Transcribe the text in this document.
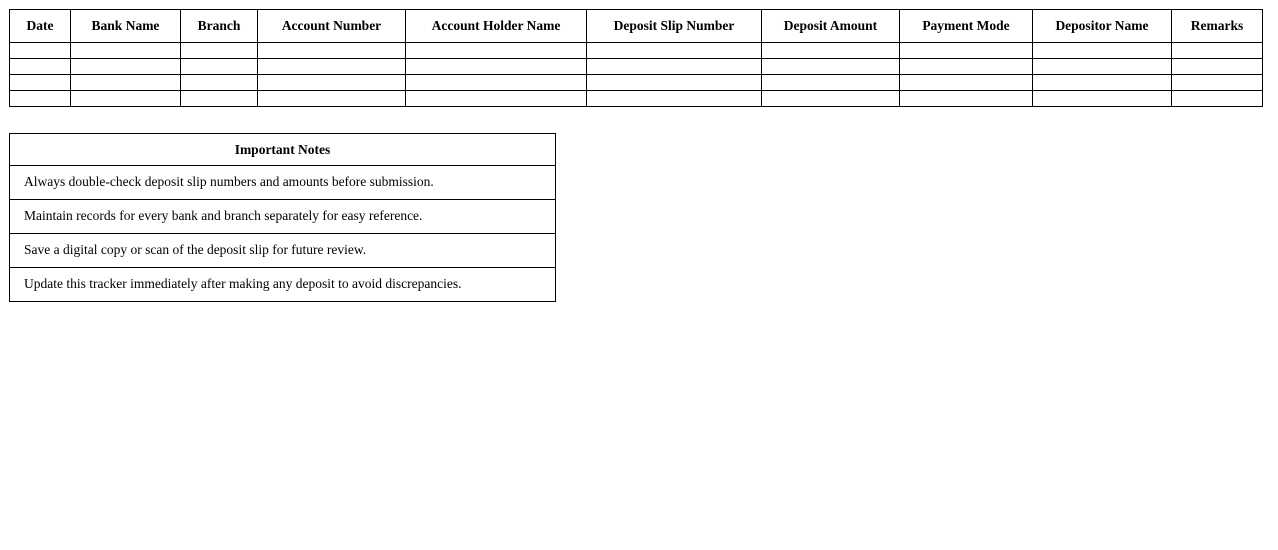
Date	Bank Name	Branch	Account Number	Account Holder Name	Deposit Slip Number	Deposit Amount	Payment Mode	Depositor Name	Remarks

Important Notes
Always double-check deposit slip numbers and amounts before submission.
Maintain records for every bank and branch separately for easy reference.
Save a digital copy or scan of the deposit slip for future review.
Update this tracker immediately after making any deposit to avoid discrepancies.
